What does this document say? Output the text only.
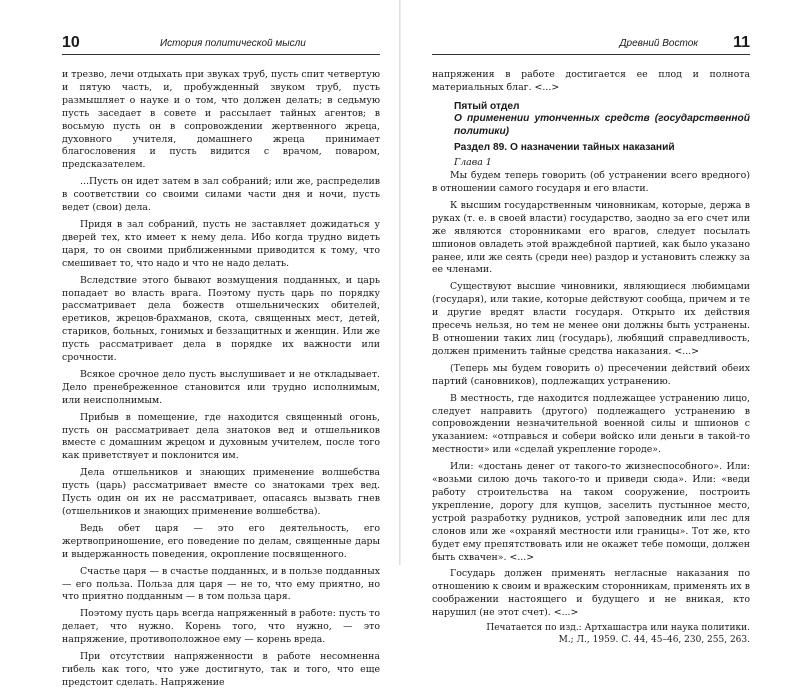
10	История политической мысли

и трезво, лечи отдыхать при звуках труб, пусть спит четвертую и пятую часть, и, пробужденный звуком труб, пусть размышляет о науке и о том, что должен делать; в седьмую пусть заседает в совете и рассылает тайных агентов; в восьмую пусть он в сопровождении жертвенного жреца, духовного учителя, домашнего жреца принимает благословения и пусть видится с врачом, поваром, предсказателем.

...Пусть он идет затем в зал собраний; или же, распределив в соответствии со своими силами части дня и ночи, пусть ведет (свои) дела.

Придя в зал собраний, пусть не заставляет дожидаться у дверей тех, кто имеет к нему дела. Ибо когда трудно видеть царя, то он своими приближенными приводится к тому, что смешивает то, что надо и что не надо делать.

Вследствие этого бывают возмущения подданных, и царь попадает во власть врага. Поэтому пусть царь по порядку рассматривает дела божеств отшельнических обителей, еретиков, жрецов-брахманов, скота, священных мест, детей, стариков, больных, гонимых и беззащитных и женщин. Или же пусть рассматривает дела в порядке их важности или срочности.

Всякое срочное дело пусть выслушивает и не откладывает. Дело пренебреженное становится или трудно исполнимым, или неисполнимым.

Прибыв в помещение, где находится священный огонь, пусть он рассматривает дела знатоков вед и отшельников вместе с домашним жрецом и духовным учителем, после того как приветствует и поклонится им.

Дела отшельников и знающих применение волшебства пусть (царь) рассматривает вместе со знатоками трех вед. Пусть один он их не рассматривает, опасаясь вызвать гнев (отшельников и знающих применение волшебства).

Ведь обет царя — это его деятельность, его жертвоприношение, его поведение по делам, священные дары и выдержанность поведения, окропление посвященного.

Счастье царя — в счастье подданных, и в пользе подданных — его польза. Польза для царя — не то, что ему приятно, но что приятно подданным — в том польза царя.

Поэтому пусть царь всегда напряженный в работе: пусть то делает, что нужно. Корень того, что нужно, — это напряжение, противоположное ему — корень вреда.

При отсутствии напряженности в работе несомненна гибель как того, что уже достигнуто, так и того, что еще предстоит сделать. Напряжение

Древний Восток 11

напряжения в работе достигается ее плод и полнота материальных благ. <...>

Пятый отдел
О применении утонченных средств (государственной политики)
Раздел 89. О назначении тайных наказаний
Глава 1

Мы будем теперь говорить (об устранении всего вредного) в отношении самого государя и его власти.

К высшим государственным чиновникам, которые, держа в руках (т. е. в своей власти) государство, заодно за его счет или же являются сторонниками его врагов, следует посылать шпионов овладеть этой враждебной партией, как было указано ранее, или же сеять (среди нее) раздор и установить слежку за ее членами.

Существуют высшие чиновники, являющиеся любимцами (государя), или такие, которые действуют сообща, причем и те и другие вредят власти государя. Открыто их действия пресечь нельзя, но тем не менее они должны быть устранены. В отношении таких лиц (государь), любящий справедливость, должен применить тайные средства наказания. <...>

(Теперь мы будем говорить о) пресечении действий обеих партий (сановников), подлежащих устранению.

В местность, где находится подлежащее устранению лицо, следует направить (другого) подлежащего устранению в сопровождении незначительной военной силы и шпионов с указанием: «отправься и собери войско или деньги в такой-то местности» или «сделай укрепление городе».

Или: «достань денег от такого-то жизнеспособного». Или: «возьми силою дочь такого-то и приведи сюда». Или: «веди работу строительства на таком сооружение, построить укрепление, дорогу для купцов, заселить пустынное место, устрой разработку рудников, устрой заповедник или лес для слонов или же «охраняй местности или границы». Тот же, кто будет ему препятствовать или не окажет тебе помощи, должен быть схвачен». <...>

Государь должен применять негласные наказания по отношению к своим и вражеским сторонникам, применять их в соображении настоящего и будущего и не вникая, кто нарушил (не этот счет). <...>

Печатается по изд.: Артхашастра или наука политики.
М.; Л., 1959. С. 44, 45–46, 230, 255, 263.
